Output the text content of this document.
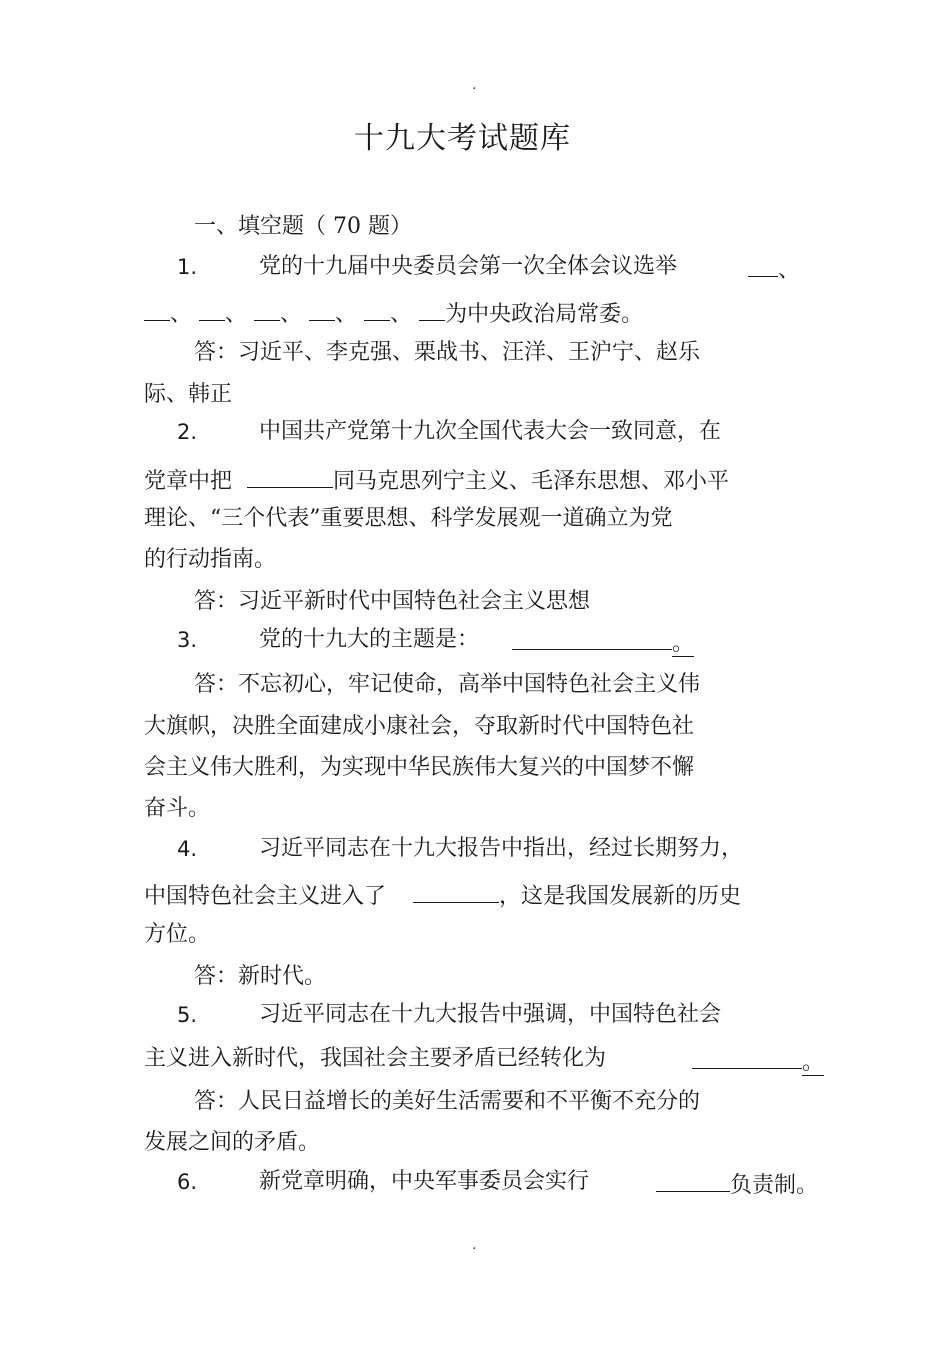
.
.
十九大考试题库
一、填空题（ 70 题）
1.	党的十九届中央委员会第一次全体会议选举	、
、 、 、 、 、 为中央政治局常委。
答：习近平、李克强、栗战书、汪洋、王沪宁、赵乐
际、韩正
2.	中国共产党第十九次全国代表大会一致同意，在
党章中把	同马克思列宁主义、毛泽东思想、邓小平
理论、“三个代表”重要思想、科学发展观一道确立为党
的行动指南。
答：习近平新时代中国特色社会主义思想
3.	党的十九大的主题是：	。
答：不忘初心，牢记使命，高举中国特色社会主义伟
大旗帜，决胜全面建成小康社会，夺取新时代中国特色社
会主义伟大胜利，为实现中华民族伟大复兴的中国梦不懈
奋斗。
4.	习近平同志在十九大报告中指出，经过长期努力，
中国特色社会主义进入了	，这是我国发展新的历史
方位。
答：新时代。
5.	习近平同志在十九大报告中强调，中国特色社会
主义进入新时代，我国社会主要矛盾已经转化为	。
答：人民日益增长的美好生活需要和不平衡不充分的
发展之间的矛盾。
6.	新党章明确，中央军事委员会实行	负责制。
